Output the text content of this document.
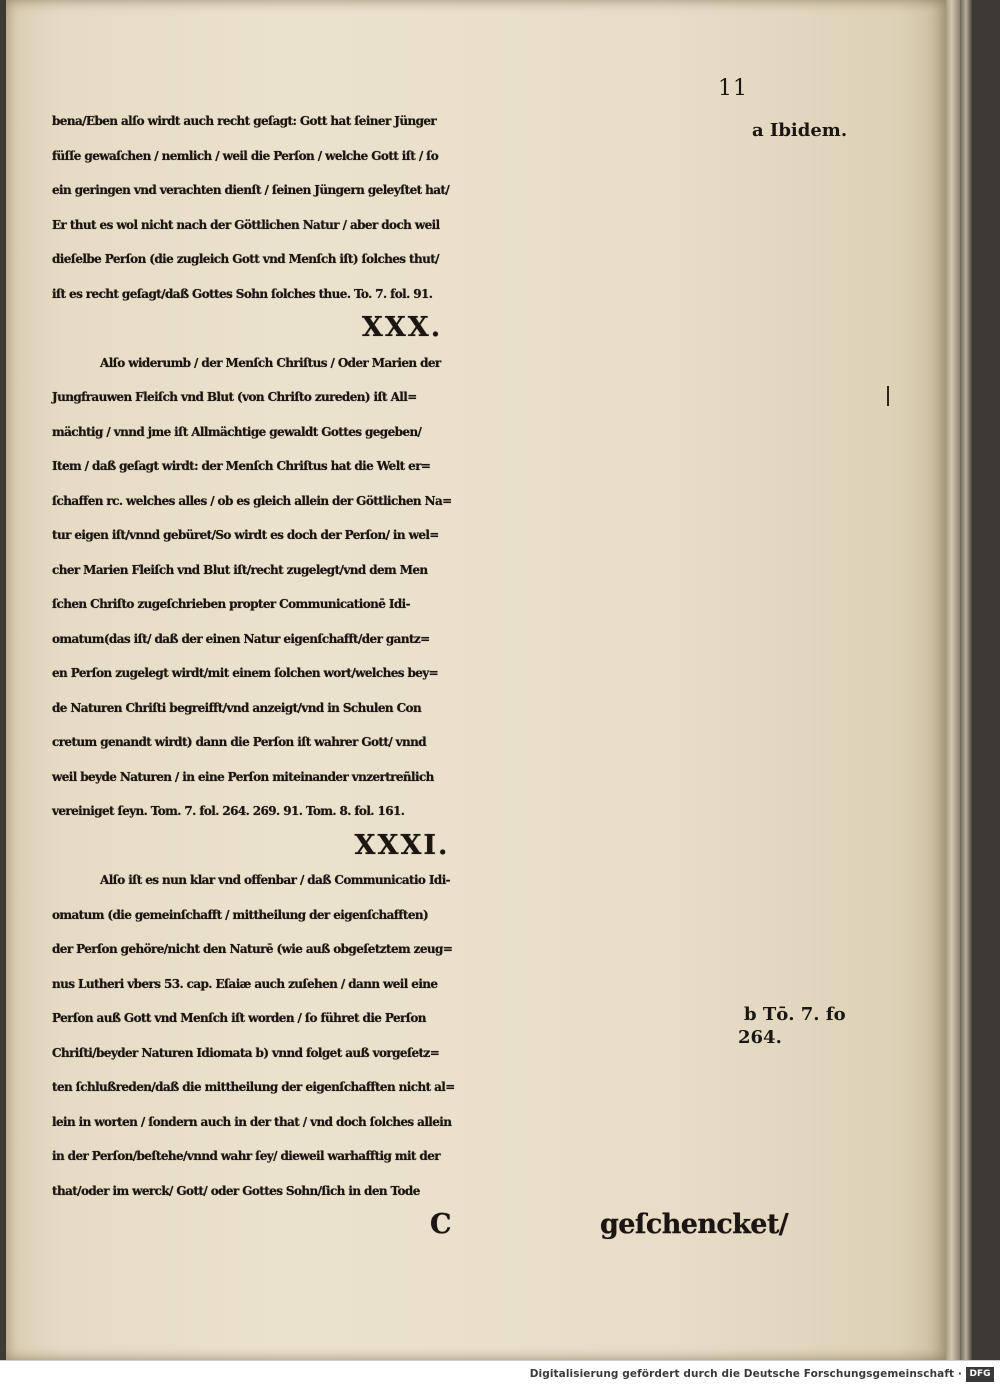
11
bena/Eben alſo wirdt auch recht geſagt: Gott hat ſeiner Jünger
füſſe gewaſchen / nemlich / weil die Perſon / welche Gott iſt / ſo
ein geringen vnd verachten dienſt / ſeinen Jüngern geleyſtet hat/
Er thut es wol nicht nach der Göttlichen Natur / aber doch weil
dieſelbe Perſon (die zugleich Gott vnd Menſch iſt) ſolches thut/
iſt es recht geſagt/daß Gottes Sohn ſolches thue. To. 7. fol. 91.
XXX.
Alſo widerumb / der Menſch Chriſtus / Oder Marien der
Jungfrauwen Fleiſch vnd Blut (von Chriſto zureden) iſt All=
mächtig / vnnd jme iſt Allmächtige gewaldt Gottes gegeben/
Item / daß geſagt wirdt: der Menſch Chriſtus hat die Welt er=
ſchaffen rc. welches alles / ob es gleich allein der Göttlichen Na=
tur eigen iſt/vnnd gebüret/So wirdt es doch der Perſon/ in wel=
cher Marien Fleiſch vnd Blut iſt/recht zugelegt/vnd dem Men
ſchen Chriſto zugeſchrieben propter Communicationē Idi-
omatum(das iſt/ daß der einen Natur eigenſchafft/der gantz=
en Perſon zugelegt wirdt/mit einem ſolchen wort/welches bey=
de Naturen Chriſti begreifft/vnd anzeigt/vnd in Schulen Con
cretum genandt wirdt) dann die Perſon iſt wahrer Gott/ vnnd
weil beyde Naturen / in eine Perſon miteinander vnzertreñlich
vereiniget ſeyn. Tom. 7. fol. 264. 269. 91. Tom. 8. fol. 161.
XXXI.
Alſo iſt es nun klar vnd offenbar / daß Communicatio Idi-
omatum (die gemeinſchafft / mittheilung der eigenſchafften)
der Perſon gehöre/nicht den Naturē (wie auß obgeſetztem zeug=
nus Lutheri vbers 53. cap. Eſaiæ auch zuſehen / dann weil eine
Perſon auß Gott vnd Menſch iſt worden / ſo führet die Perſon
Chriſti/beyder Naturen Idiomata b) vnnd folget auß vorgeſetz=
ten ſchlußreden/daß die mittheilung der eigenſchafften nicht al=
lein in worten / ſondern auch in der that / vnd doch ſolches allein
in der Perſon/beſtehe/vnnd wahr ſey/ dieweil warhafftig mit der
that/oder im werck/ Gott/ oder Gottes Sohn/ſich in den Tode
C	geſchencket/
a Ibidem.
b Tō. 7. fo
264.
Digitalisierung gefördert durch die Deutsche Forschungsgemeinschaft · DFG
